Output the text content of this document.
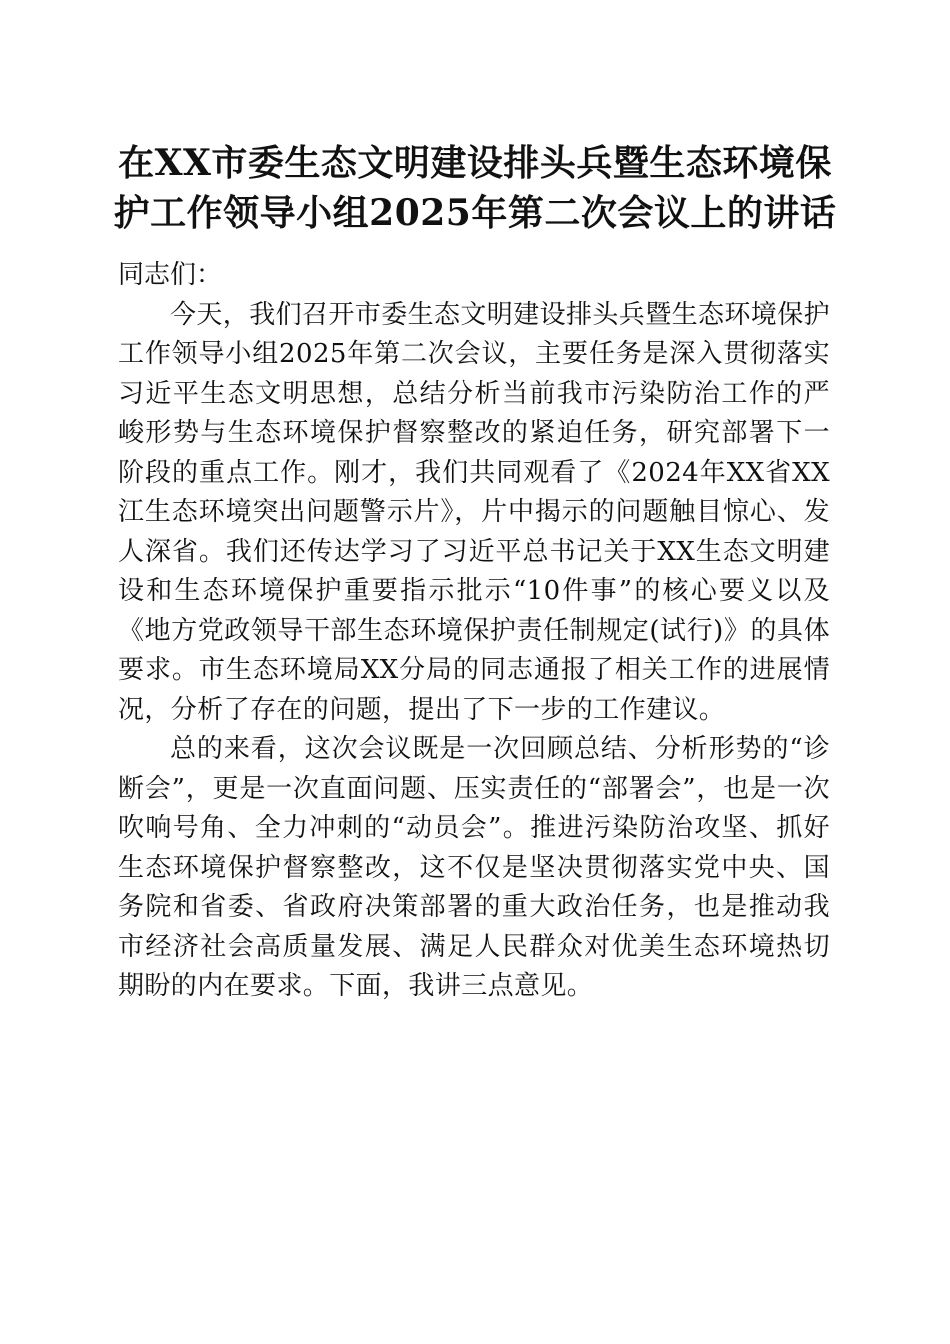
在XX市委生态文明建设排头兵暨生态环境保
护工作领导小组2025年第二次会议上的讲话

同志们：

今天，我们召开市委生态文明建设排头兵暨生态环境保护工作领导小组2025年第二次会议，主要任务是深入贯彻落实习近平生态文明思想，总结分析当前我市污染防治工作的严峻形势与生态环境保护督察整改的紧迫任务，研究部署下一阶段的重点工作。刚才，我们共同观看了《2024年XX省XX江生态环境突出问题警示片》，片中揭示的问题触目惊心、发人深省。我们还传达学习了习近平总书记关于XX生态文明建设和生态环境保护重要指示批示“10件事”的核心要义以及《地方党政领导干部生态环境保护责任制规定(试行)》的具体要求。市生态环境局XX分局的同志通报了相关工作的进展情况，分析了存在的问题，提出了下一步的工作建议。

总的来看，这次会议既是一次回顾总结、分析形势的“诊断会”，更是一次直面问题、压实责任的“部署会”，也是一次吹响号角、全力冲刺的“动员会”。推进污染防治攻坚、抓好生态环境保护督察整改，这不仅是坚决贯彻落实党中央、国务院和省委、省政府决策部署的重大政治任务，也是推动我市经济社会高质量发展、满足人民群众对优美生态环境热切期盼的内在要求。下面，我讲三点意见。
